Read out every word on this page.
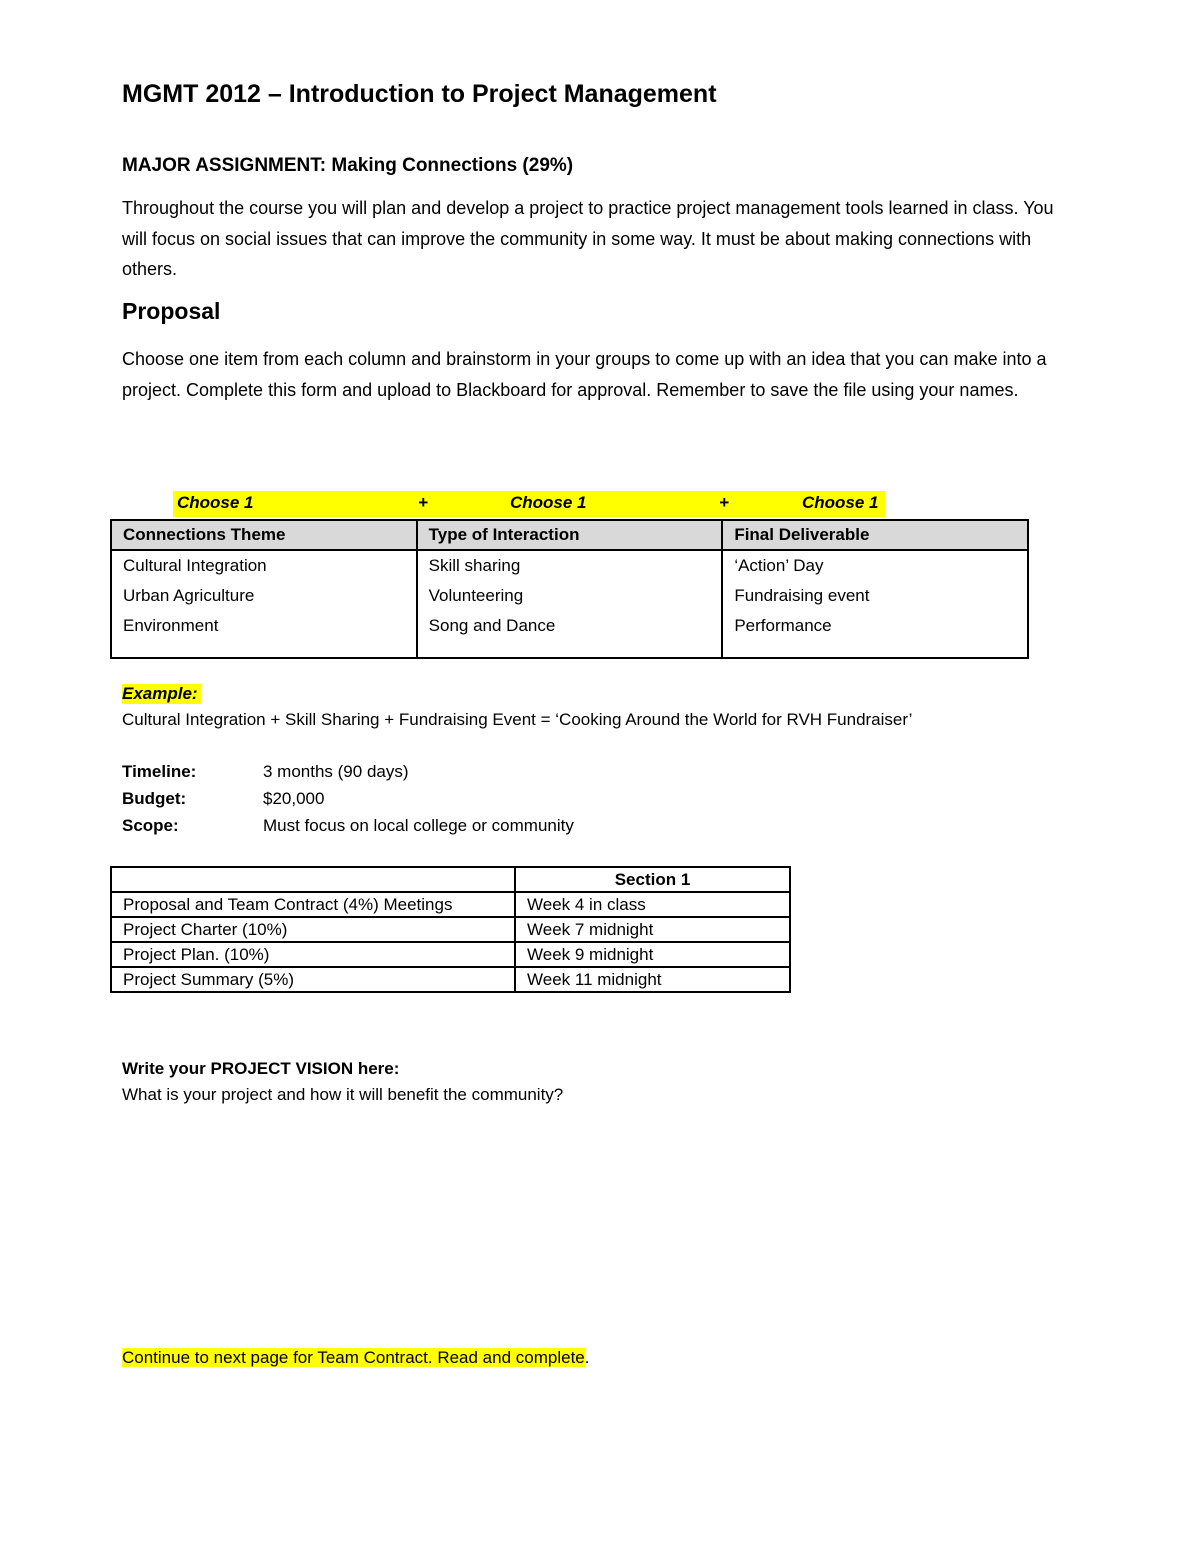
MGMT 2012 – Introduction to Project Management
MAJOR ASSIGNMENT: Making Connections (29%)
Throughout the course you will plan and develop a project to practice project management tools learned in class. You will focus on social issues that can improve the community in some way. It must be about making connections with others.
Proposal
Choose one item from each column and brainstorm in your groups to come up with an idea that you can make into a project. Complete this form and upload to Blackboard for approval. Remember to save the file using your names.
Choose 1	+	Choose 1	+	Choose 1
Connections Theme	Type of Interaction	Final Deliverable
Cultural Integration	Skill sharing	‘Action’ Day
Urban Agriculture	Volunteering	Fundraising event
Environment	Song and Dance	Performance
Example:
Cultural Integration + Skill Sharing + Fundraising Event = ‘Cooking Around the World for RVH Fundraiser’
Timeline:	3 months (90 days)
Budget:	$20,000
Scope:	Must focus on local college or community
	Section 1
Proposal and Team Contract (4%) Meetings	Week 4 in class
Project Charter (10%)	Week 7 midnight
Project Plan. (10%)	Week 9 midnight
Project Summary (5%)	Week 11 midnight
Write your PROJECT VISION here:
What is your project and how it will benefit the community?
Continue to next page for Team Contract. Read and complete.
